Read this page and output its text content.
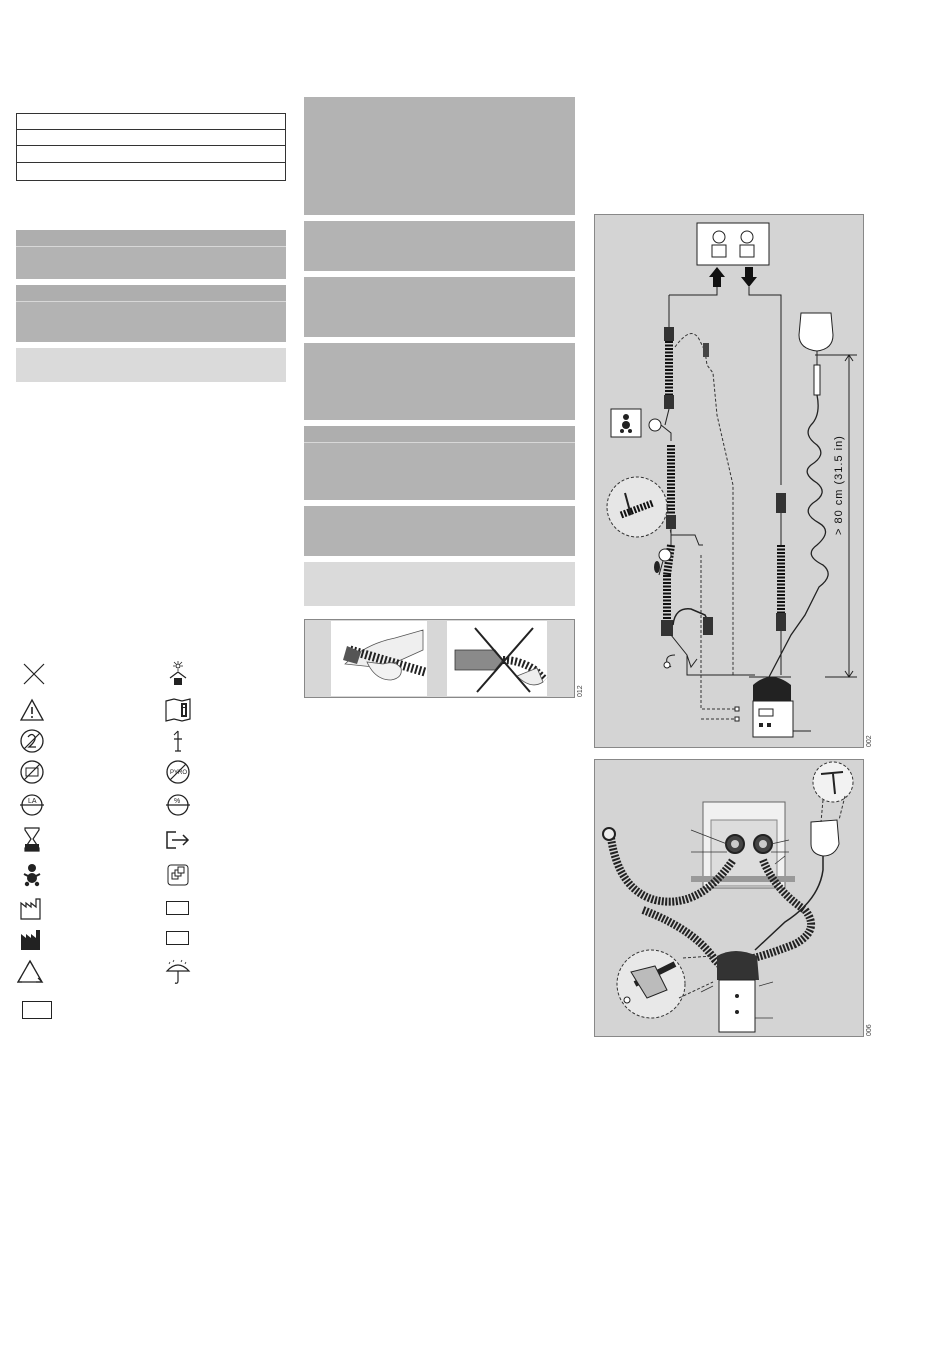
LA
PYRO
%
012
> 80 cm (31.5 in)
002
006
